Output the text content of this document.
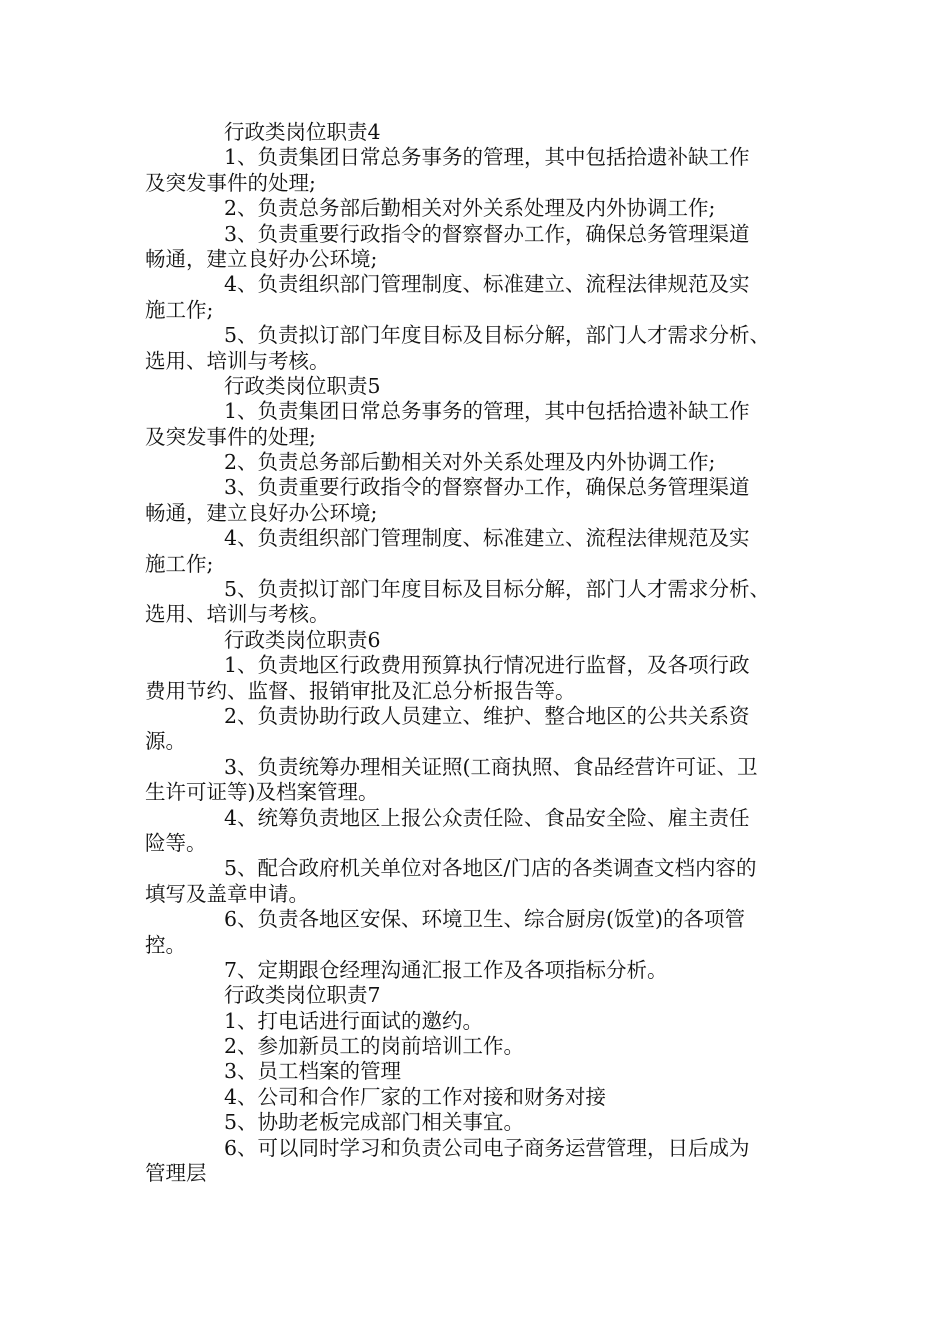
行政类岗位职责4
1、负责集团日常总务事务的管理，其中包括拾遗补缺工作
及突发事件的处理;
2、负责总务部后勤相关对外关系处理及内外协调工作;
3、负责重要行政指令的督察督办工作，确保总务管理渠道
畅通，建立良好办公环境;
4、负责组织部门管理制度、标准建立、流程法律规范及实
施工作;
5、负责拟订部门年度目标及目标分解，部门人才需求分析、
选用、培训与考核。
行政类岗位职责5
1、负责集团日常总务事务的管理，其中包括拾遗补缺工作
及突发事件的处理;
2、负责总务部后勤相关对外关系处理及内外协调工作;
3、负责重要行政指令的督察督办工作，确保总务管理渠道
畅通，建立良好办公环境;
4、负责组织部门管理制度、标准建立、流程法律规范及实
施工作;
5、负责拟订部门年度目标及目标分解，部门人才需求分析、
选用、培训与考核。
行政类岗位职责6
1、负责地区行政费用预算执行情况进行监督，及各项行政
费用节约、监督、报销审批及汇总分析报告等。
2、负责协助行政人员建立、维护、整合地区的公共关系资
源。
3、负责统筹办理相关证照(工商执照、食品经营许可证、卫
生许可证等)及档案管理。
4、统筹负责地区上报公众责任险、食品安全险、雇主责任
险等。
5、配合政府机关单位对各地区/门店的各类调查文档内容的
填写及盖章申请。
6、负责各地区安保、环境卫生、综合厨房(饭堂)的各项管
控。
7、定期跟仓经理沟通汇报工作及各项指标分析。
行政类岗位职责7
1、打电话进行面试的邀约。
2、参加新员工的岗前培训工作。
3、员工档案的管理
4、公司和合作厂家的工作对接和财务对接
5、协助老板完成部门相关事宜。
6、可以同时学习和负责公司电子商务运营管理，日后成为
管理层
